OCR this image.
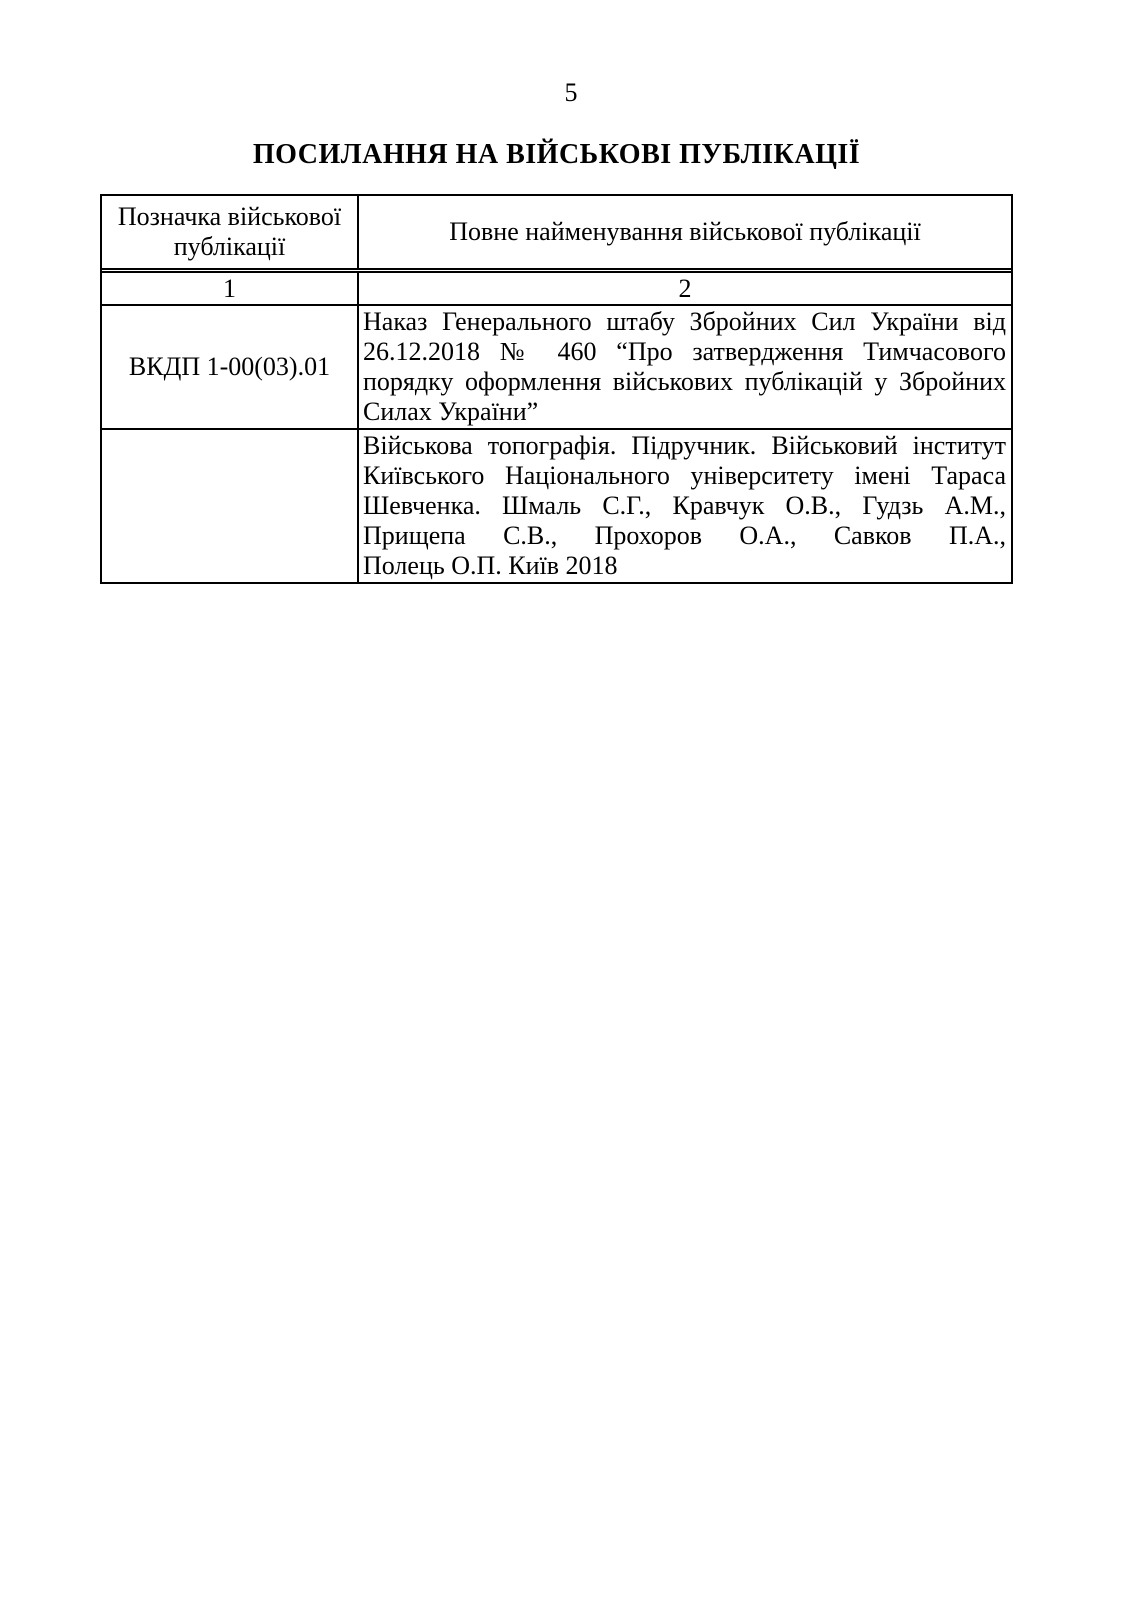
5
ПОСИЛАННЯ НА ВІЙСЬКОВІ ПУБЛІКАЦІЇ
Позначка військової публікації
Повне найменування військової публікації
1	2
ВКДП 1-00(03).01
Наказ Генерального штабу Збройних Сил України від
26.12.2018 № 460 “Про затвердження Тимчасового
порядку оформлення військових публікацій у Збройних
Силах України”
Військова топографія. Підручник. Військовий інститут
Київського Національного університету імені Тараса
Шевченка. Шмаль С.Г., Кравчук О.В., Гудзь А.М.,
Прищепа С.В., Прохоров О.А., Савков П.А.,
Полець О.П. Київ 2018
